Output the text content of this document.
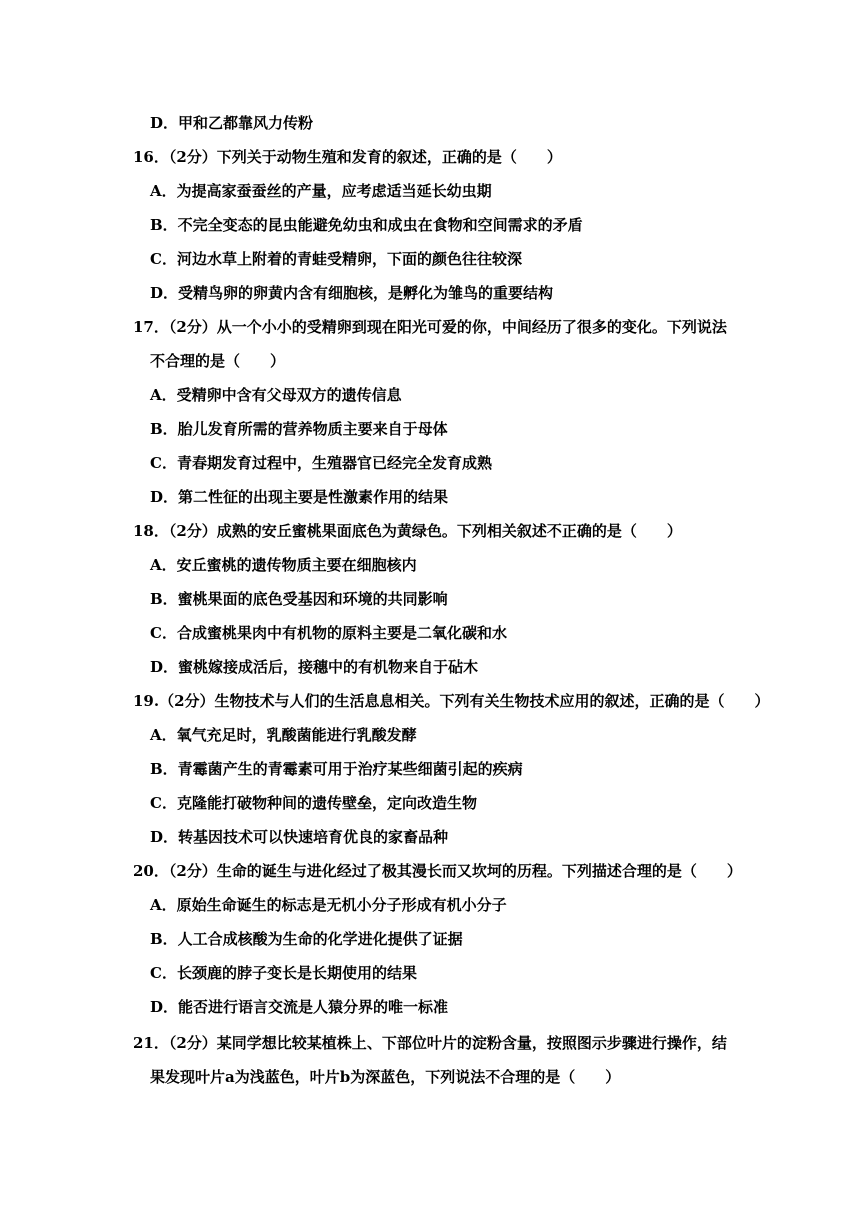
D．甲和乙都靠风力传粉
16．（2分）下列关于动物生殖和发育的叙述，正确的是（　　）
A．为提高家蚕蚕丝的产量，应考虑适当延长幼虫期
B．不完全变态的昆虫能避免幼虫和成虫在食物和空间需求的矛盾
C．河边水草上附着的青蛙受精卵，下面的颜色往往较深
D．受精鸟卵的卵黄内含有细胞核，是孵化为雏鸟的重要结构
17．（2分）从一个小小的受精卵到现在阳光可爱的你，中间经历了很多的变化。下列说法
不合理的是（　　）
A．受精卵中含有父母双方的遗传信息
B．胎儿发育所需的营养物质主要来自于母体
C．青春期发育过程中，生殖器官已经完全发育成熟
D．第二性征的出现主要是性激素作用的结果
18．（2分）成熟的安丘蜜桃果面底色为黄绿色。下列相关叙述不正确的是（　　）
A．安丘蜜桃的遗传物质主要在细胞核内
B．蜜桃果面的底色受基因和环境的共同影响
C．合成蜜桃果肉中有机物的原料主要是二氧化碳和水
D．蜜桃嫁接成活后，接穗中的有机物来自于砧木
19.（2分）生物技术与人们的生活息息相关。下列有关生物技术应用的叙述，正确的是（　　）
A．氧气充足时，乳酸菌能进行乳酸发酵
B．青霉菌产生的青霉素可用于治疗某些细菌引起的疾病
C．克隆能打破物种间的遗传壁垒，定向改造生物
D．转基因技术可以快速培育优良的家畜品种
20．（2分）生命的诞生与进化经过了极其漫长而又坎坷的历程。下列描述合理的是（　　）
A．原始生命诞生的标志是无机小分子形成有机小分子
B．人工合成核酸为生命的化学进化提供了证据
C．长颈鹿的脖子变长是长期使用的结果
D．能否进行语言交流是人猿分界的唯一标准
21．（2分）某同学想比较某植株上、下部位叶片的淀粉含量，按照图示步骤进行操作，结
果发现叶片a为浅蓝色，叶片b为深蓝色，下列说法不合理的是（　　）
